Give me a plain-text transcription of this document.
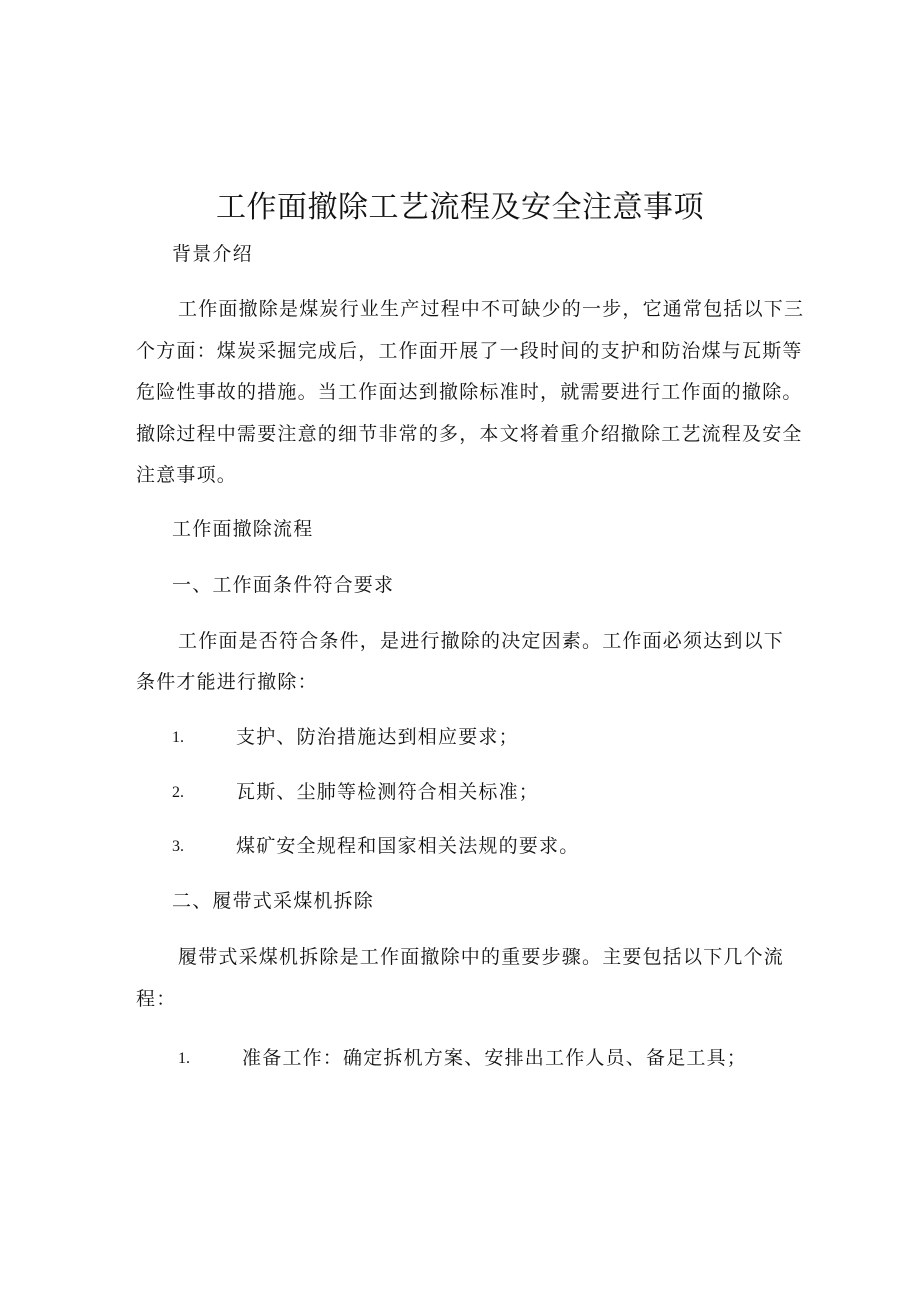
工作面撤除工艺流程及安全注意事项
背景介绍
工作面撤除是煤炭行业生产过程中不可缺少的一步，它通常包括以下三
个方面：煤炭采掘完成后，工作面开展了一段时间的支护和防治煤与瓦斯等
危险性事故的措施。当工作面达到撤除标准时，就需要进行工作面的撤除。
撤除过程中需要注意的细节非常的多，本文将着重介绍撤除工艺流程及安全
注意事项。
工作面撤除流程
一、工作面条件符合要求
工作面是否符合条件，是进行撤除的决定因素。工作面必须达到以下
条件才能进行撤除：
1.	支护、防治措施达到相应要求；
2.	瓦斯、尘肺等检测符合相关标准；
3.	煤矿安全规程和国家相关法规的要求。
二、履带式采煤机拆除
履带式采煤机拆除是工作面撤除中的重要步骤。主要包括以下几个流
程：
1.	准备工作：确定拆机方案、安排出工作人员、备足工具；
